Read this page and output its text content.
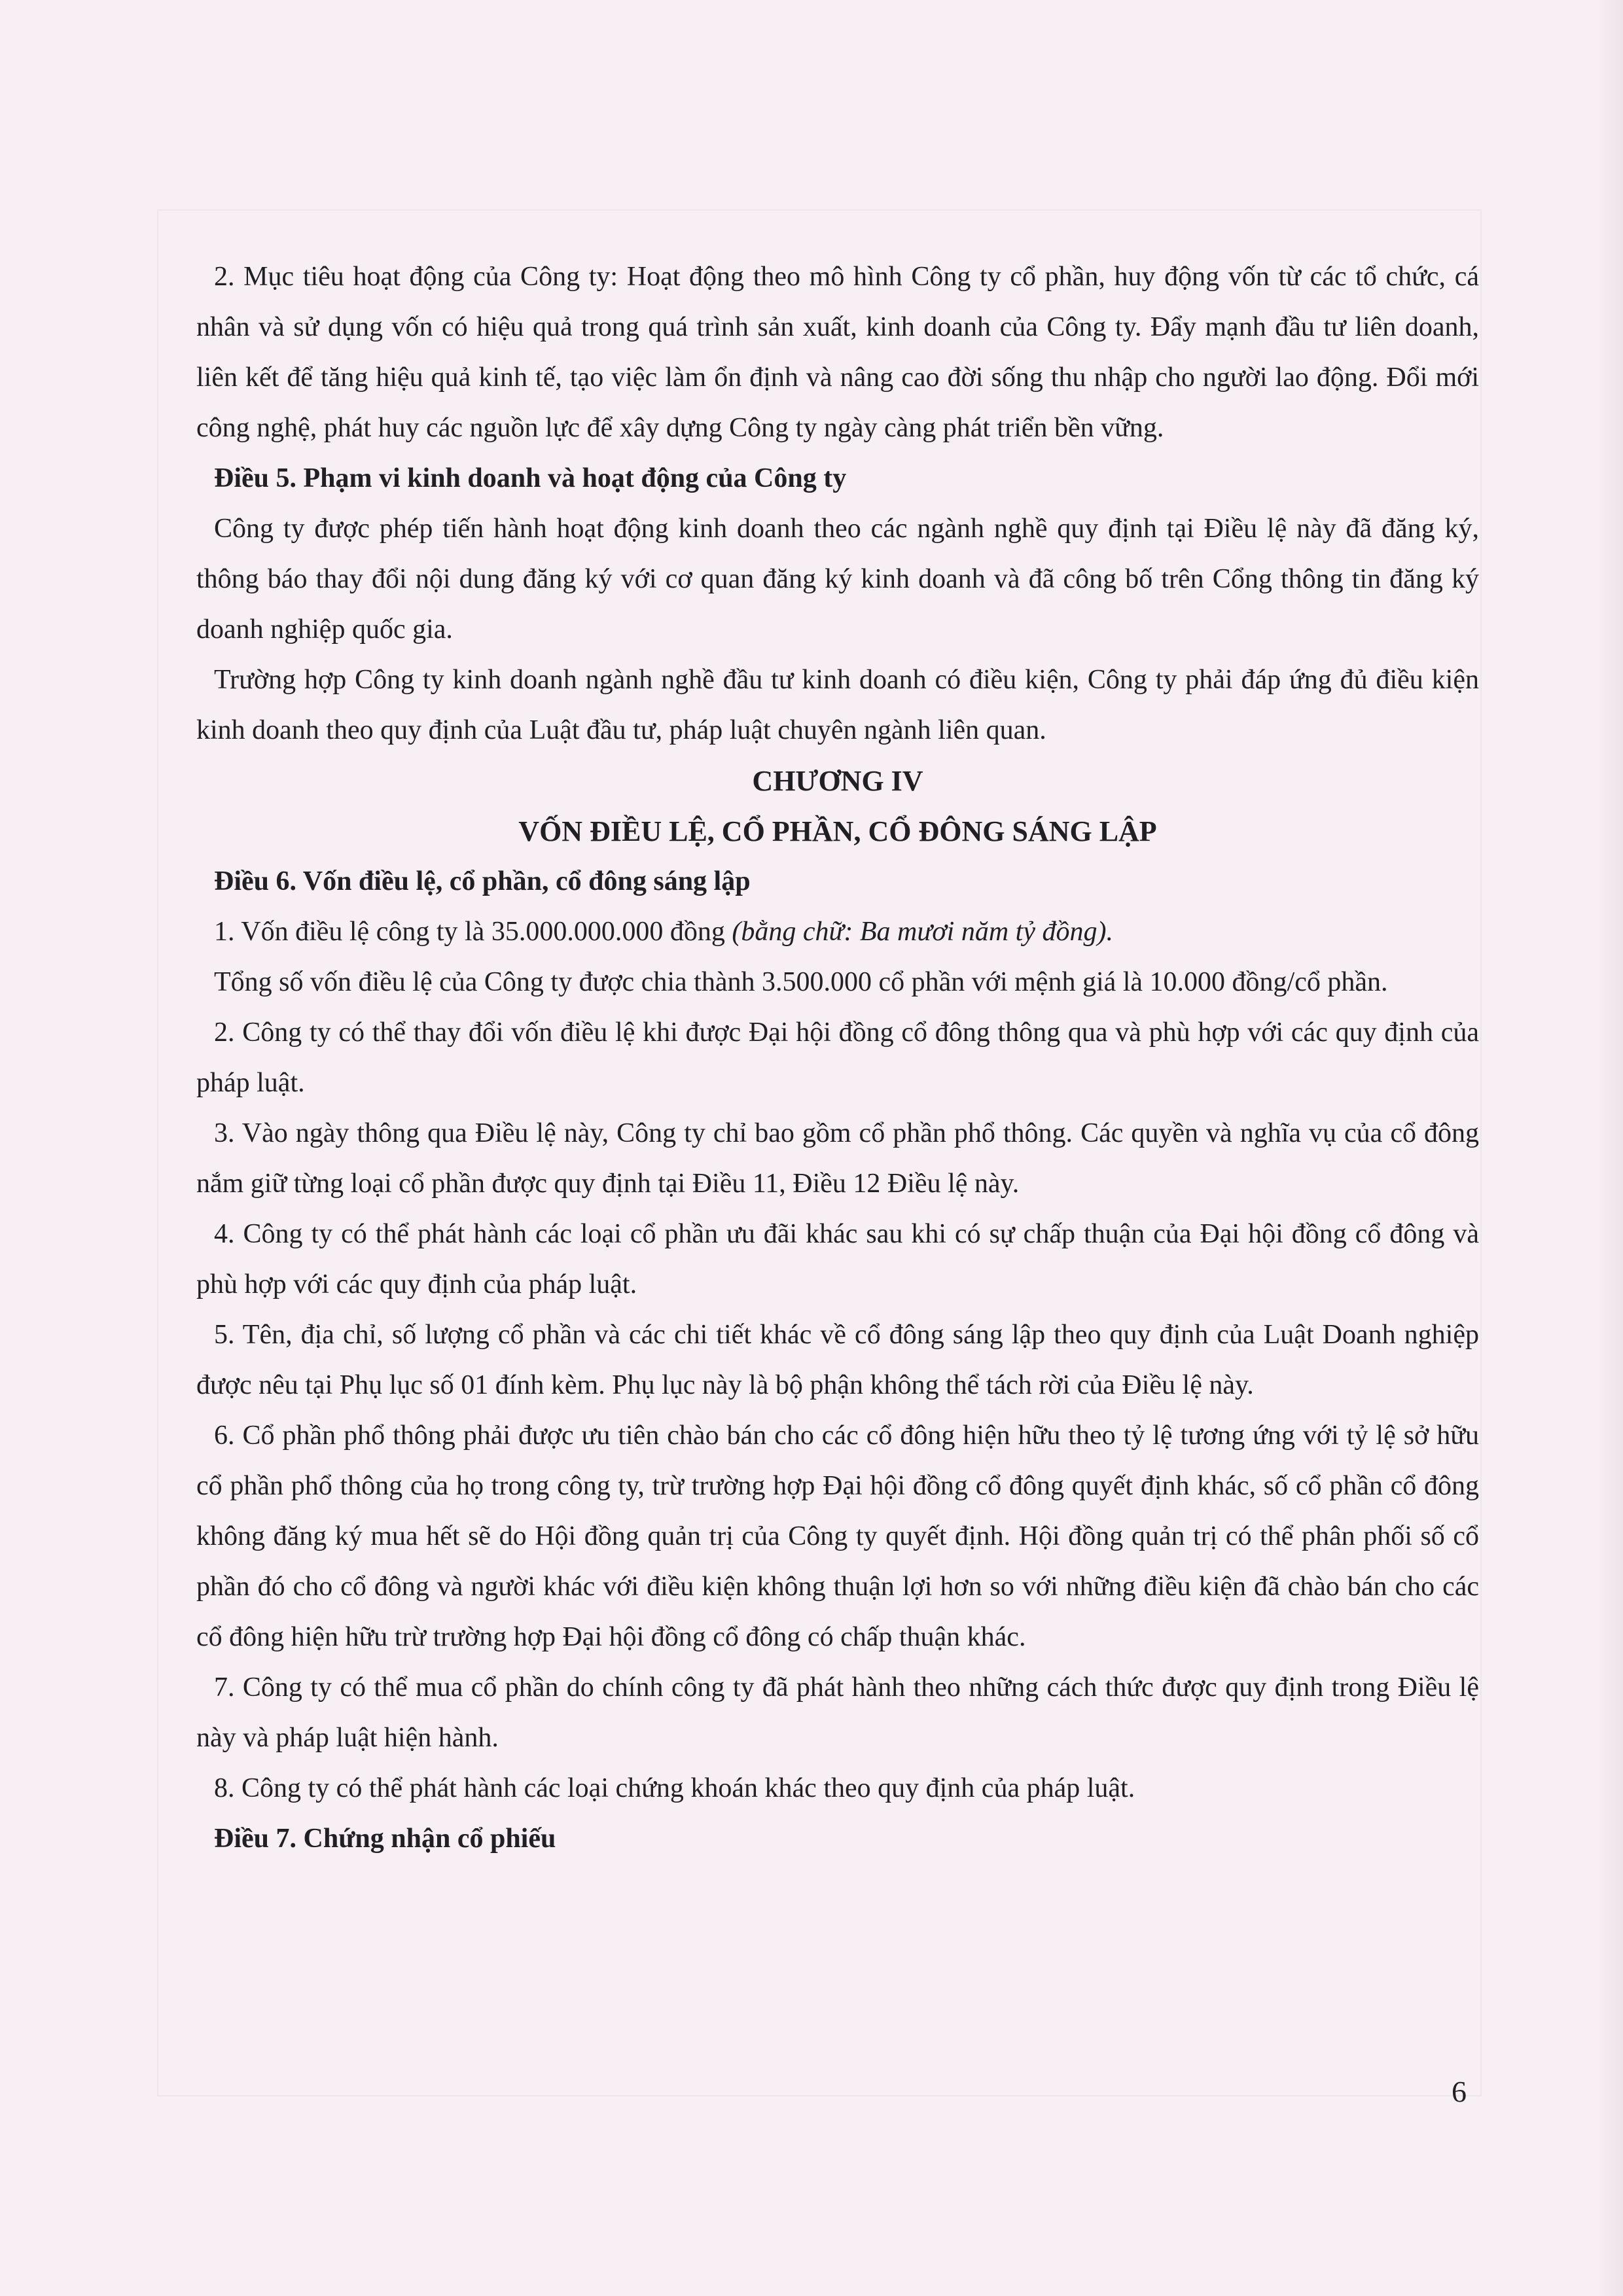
2. Mục tiêu hoạt động của Công ty: Hoạt động theo mô hình Công ty cổ phần, huy động vốn từ các tổ chức, cá nhân và sử dụng vốn có hiệu quả trong quá trình sản xuất, kinh doanh của Công ty. Đẩy mạnh đầu tư liên doanh, liên kết để tăng hiệu quả kinh tế, tạo việc làm ổn định và nâng cao đời sống thu nhập cho người lao động. Đổi mới công nghệ, phát huy các nguồn lực để xây dựng Công ty ngày càng phát triển bền vững.

Điều 5. Phạm vi kinh doanh và hoạt động của Công ty

Công ty được phép tiến hành hoạt động kinh doanh theo các ngành nghề quy định tại Điều lệ này đã đăng ký, thông báo thay đổi nội dung đăng ký với cơ quan đăng ký kinh doanh và đã công bố trên Cổng thông tin đăng ký doanh nghiệp quốc gia.

Trường hợp Công ty kinh doanh ngành nghề đầu tư kinh doanh có điều kiện, Công ty phải đáp ứng đủ điều kiện kinh doanh theo quy định của Luật đầu tư, pháp luật chuyên ngành liên quan.

CHƯƠNG IV

VỐN ĐIỀU LỆ, CỔ PHẦN, CỔ ĐÔNG SÁNG LẬP

Điều 6. Vốn điều lệ, cổ phần, cổ đông sáng lập

1. Vốn điều lệ công ty là 35.000.000.000 đồng (bằng chữ: Ba mươi năm tỷ đồng).

Tổng số vốn điều lệ của Công ty được chia thành 3.500.000 cổ phần với mệnh giá là 10.000 đồng/cổ phần.

2. Công ty có thể thay đổi vốn điều lệ khi được Đại hội đồng cổ đông thông qua và phù hợp với các quy định của pháp luật.

3. Vào ngày thông qua Điều lệ này, Công ty chỉ bao gồm cổ phần phổ thông. Các quyền và nghĩa vụ của cổ đông nắm giữ từng loại cổ phần được quy định tại Điều 11, Điều 12 Điều lệ này.

4. Công ty có thể phát hành các loại cổ phần ưu đãi khác sau khi có sự chấp thuận của Đại hội đồng cổ đông và phù hợp với các quy định của pháp luật.

5. Tên, địa chỉ, số lượng cổ phần và các chi tiết khác về cổ đông sáng lập theo quy định của Luật Doanh nghiệp được nêu tại Phụ lục số 01 đính kèm. Phụ lục này là bộ phận không thể tách rời của Điều lệ này.

6. Cổ phần phổ thông phải được ưu tiên chào bán cho các cổ đông hiện hữu theo tỷ lệ tương ứng với tỷ lệ sở hữu cổ phần phổ thông của họ trong công ty, trừ trường hợp Đại hội đồng cổ đông quyết định khác, số cổ phần cổ đông không đăng ký mua hết sẽ do Hội đồng quản trị của Công ty quyết định. Hội đồng quản trị có thể phân phối số cổ phần đó cho cổ đông và người khác với điều kiện không thuận lợi hơn so với những điều kiện đã chào bán cho các cổ đông hiện hữu trừ trường hợp Đại hội đồng cổ đông có chấp thuận khác.

7. Công ty có thể mua cổ phần do chính công ty đã phát hành theo những cách thức được quy định trong Điều lệ này và pháp luật hiện hành.

8. Công ty có thể phát hành các loại chứng khoán khác theo quy định của pháp luật.

Điều 7. Chứng nhận cổ phiếu

6
